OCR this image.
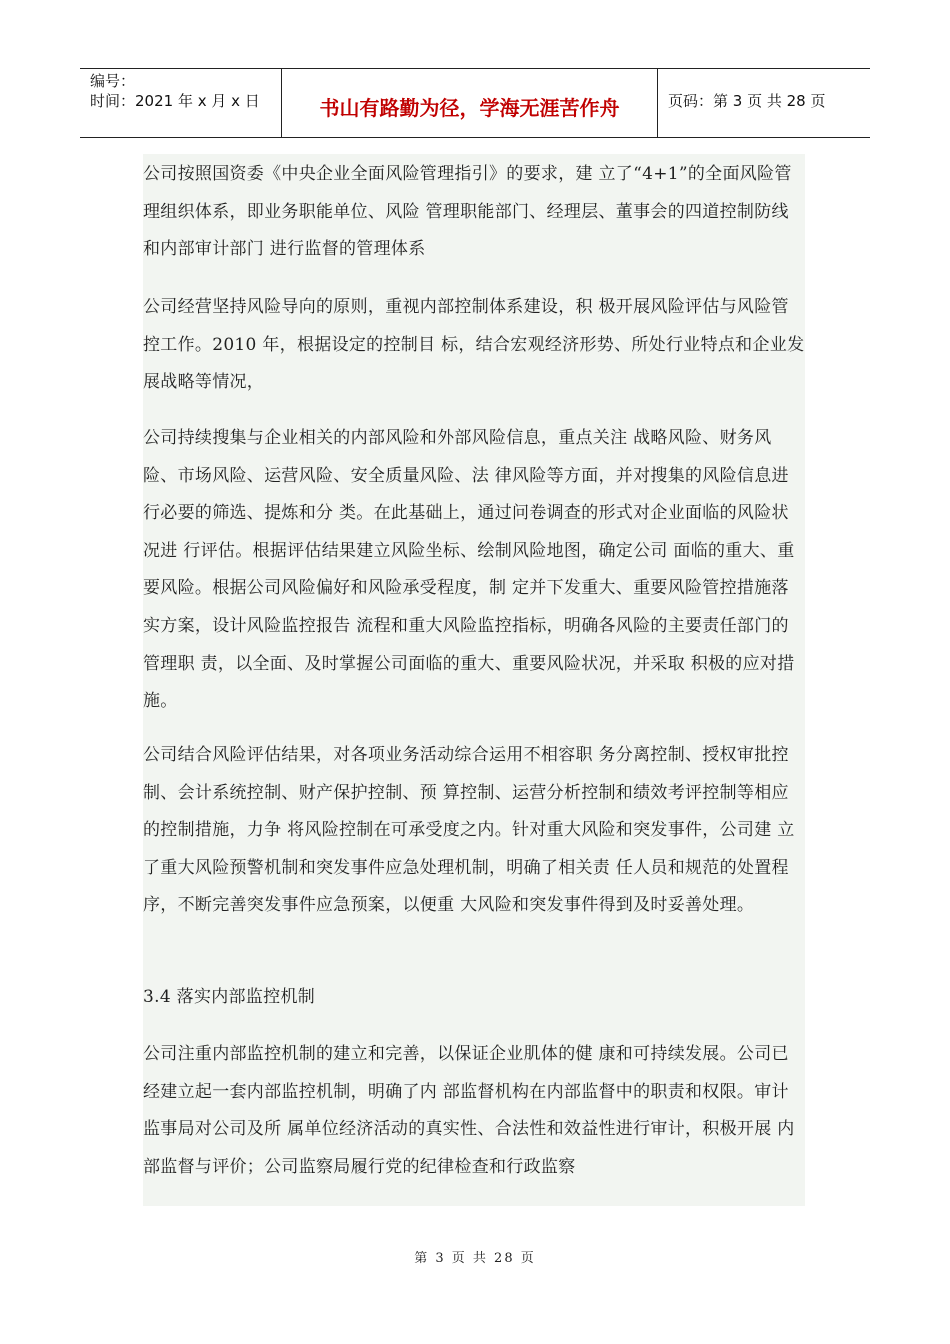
编号：
时间：2021 年 x 月 x 日	书山有路勤为径，学海无涯苦作舟	页码：第 3 页 共 28 页

公司按照国资委《中央企业全面风险管理指引》的要求，建 立了“4+1”的全面风险管理组织体系，即业务职能单位、风险 管理职能部门、经理层、董事会的四道控制防线和内部审计部门 进行监督的管理体系

公司经营坚持风险导向的原则，重视内部控制体系建设，积 极开展风险评估与风险管控工作。2010 年，根据设定的控制目 标，结合宏观经济形势、所处行业特点和企业发展战略等情况，

公司持续搜集与企业相关的内部风险和外部风险信息，重点关注 战略风险、财务风险、市场风险、运营风险、安全质量风险、法 律风险等方面，并对搜集的风险信息进行必要的筛选、提炼和分 类。在此基础上，通过问卷调查的形式对企业面临的风险状况进 行评估。根据评估结果建立风险坐标、绘制风险地图，确定公司 面临的重大、重要风险。根据公司风险偏好和风险承受程度，制 定并下发重大、重要风险管控措施落实方案，设计风险监控报告 流程和重大风险监控指标，明确各风险的主要责任部门的管理职 责，以全面、及时掌握公司面临的重大、重要风险状况，并采取 积极的应对措施。

公司结合风险评估结果，对各项业务活动综合运用不相容职 务分离控制、授权审批控制、会计系统控制、财产保护控制、预 算控制、运营分析控制和绩效考评控制等相应的控制措施，力争 将风险控制在可承受度之内。针对重大风险和突发事件，公司建 立了重大风险预警机制和突发事件应急处理机制，明确了相关责 任人员和规范的处置程序，不断完善突发事件应急预案，以便重 大风险和突发事件得到及时妥善处理。

3.4 落实内部监控机制

公司注重内部监控机制的建立和完善，以保证企业肌体的健 康和可持续发展。公司已经建立起一套内部监控机制，明确了内 部监督机构在内部监督中的职责和权限。审计监事局对公司及所 属单位经济活动的真实性、合法性和效益性进行审计，积极开展 内部监督与评价；公司监察局履行党的纪律检查和行政监察

第 3 页 共 28 页
